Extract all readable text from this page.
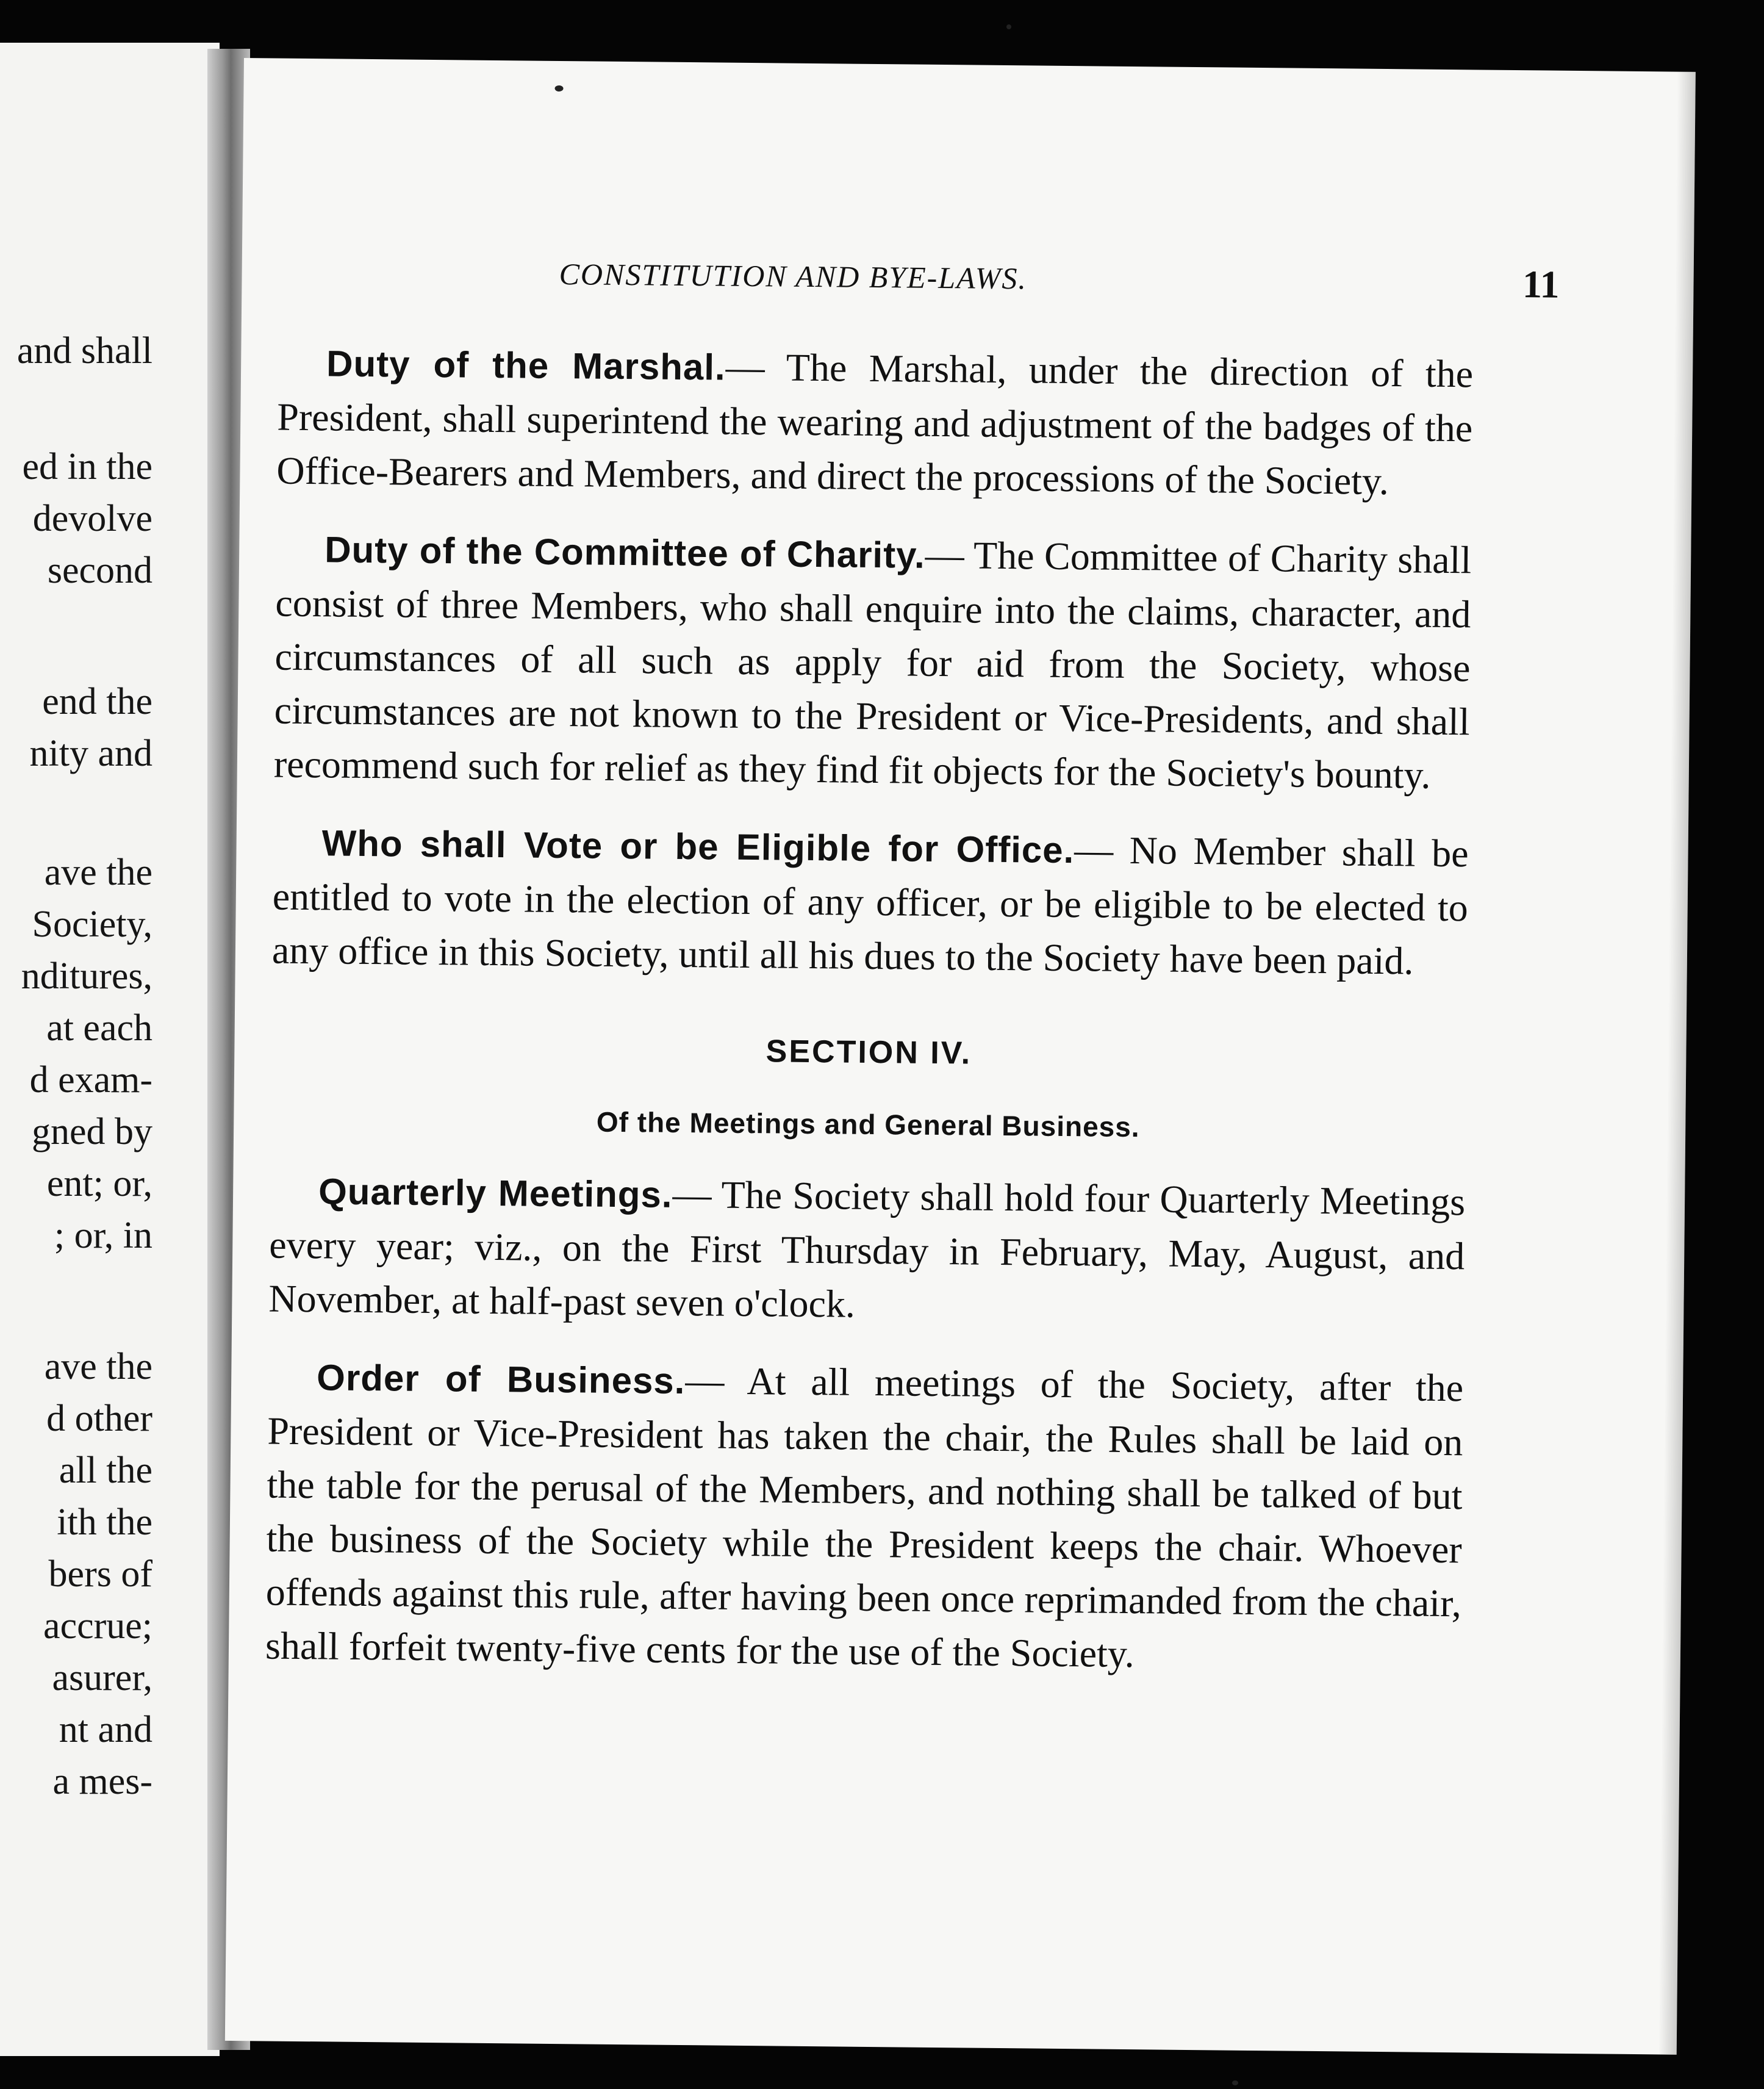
and shall
ed in the
devolve
second
end the
nity and
ave the
Society,
nditures,
at each
d exam-
gned by
ent; or,
; or, in
ave the
d other
all the
ith the
bers of
accrue;
asurer,
nt and
a mes-
CONSTITUTION AND BYE-LAWS.	11

Duty of the Marshal.— The Marshal, under the direction of the President, shall superintend the wearing and adjustment of the badges of the Office-Bearers and Members, and direct the processions of the Society.

Duty of the Committee of Charity.— The Committee of Charity shall consist of three Members, who shall enquire into the claims, character, and circumstances of all such as apply for aid from the Society, whose circumstances are not known to the President or Vice-Presidents, and shall recommend such for relief as they find fit objects for the Society's bounty.

Who shall Vote or be Eligible for Office.— No Member shall be entitled to vote in the election of any officer, or be eligible to be elected to any office in this Society, until all his dues to the Society have been paid.

SECTION IV.
Of the Meetings and General Business.

Quarterly Meetings.— The Society shall hold four Quarterly Meetings every year; viz., on the First Thursday in February, May, August, and November, at half-past seven o'clock.

Order of Business.— At all meetings of the Society, after the President or Vice-President has taken the chair, the Rules shall be laid on the table for the perusal of the Members, and nothing shall be talked of but the business of the Society while the President keeps the chair. Whoever offends against this rule, after having been once reprimanded from the chair, shall forfeit twenty-five cents for the use of the Society.
